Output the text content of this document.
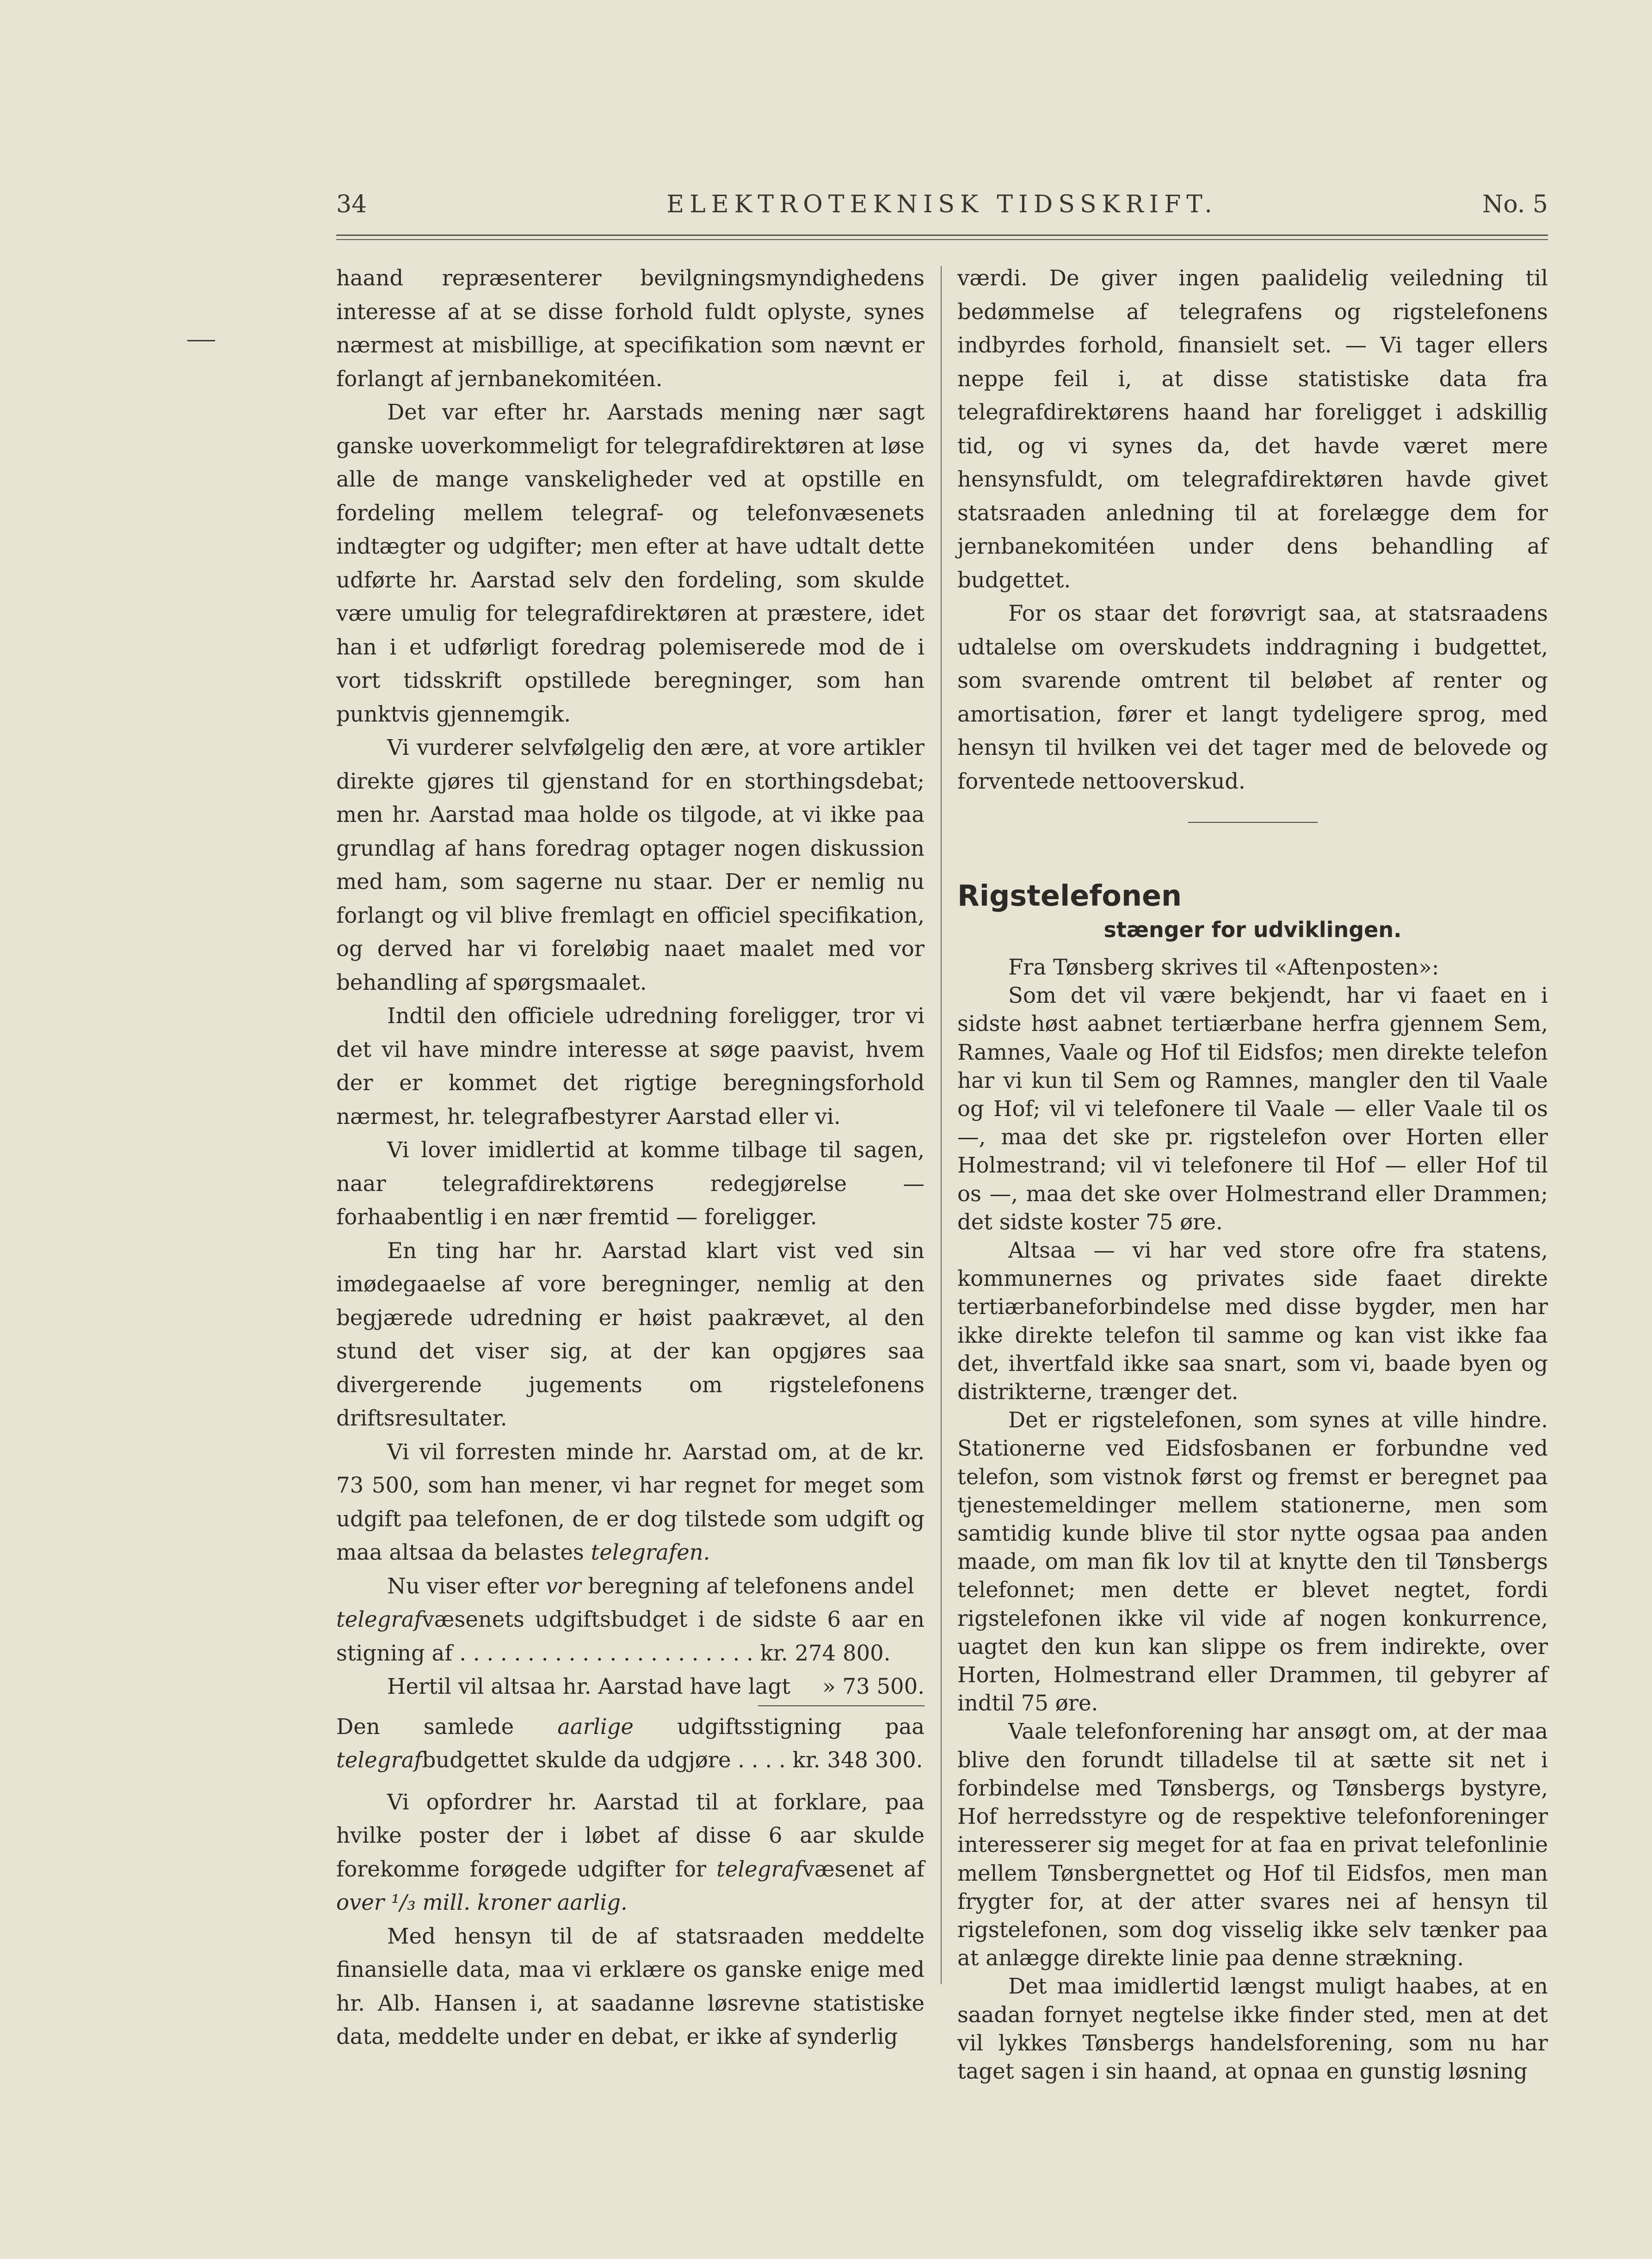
34	ELEKTROTEKNISK TIDSSKRIFT.	No. 5

haand repræsenterer bevilgningsmyndighedens interesse af at se disse forhold fuldt oplyste, synes nærmest at misbillige, at specifikation som nævnt er forlangt af jernbanekomitéen.

Det var efter hr. Aarstads mening nær sagt ganske uoverkommeligt for telegrafdirektøren at løse alle de mange vanskeligheder ved at opstille en fordeling mellem telegraf- og telefonvæsenets indtægter og udgifter; men efter at have udtalt dette udførte hr. Aarstad selv den fordeling, som skulde være umulig for telegrafdirektøren at præstere, idet han i et udførligt foredrag polemiserede mod de i vort tidsskrift opstillede beregninger, som han punktvis gjennemgik.

Vi vurderer selvfølgelig den ære, at vore artikler direkte gjøres til gjenstand for en storthingsdebat; men hr. Aarstad maa holde os tilgode, at vi ikke paa grundlag af hans foredrag optager nogen diskussion med ham, som sagerne nu staar. Der er nemlig nu forlangt og vil blive fremlagt en officiel specifikation, og derved har vi foreløbig naaet maalet med vor behandling af spørgsmaalet.

Indtil den officiele udredning foreligger, tror vi det vil have mindre interesse at søge paavist, hvem der er kommet det rigtige beregningsforhold nærmest, hr. telegrafbestyrer Aarstad eller vi.

Vi lover imidlertid at komme tilbage til sagen, naar telegrafdirektørens redegjørelse — forhaabentlig i en nær fremtid — foreligger.

En ting har hr. Aarstad klart vist ved sin imødegaaelse af vore beregninger, nemlig at den begjærede udredning er høist paakrævet, al den stund det viser sig, at der kan opgjøres saa divergerende jugements om rigstelefonens driftsresultater.

Vi vil forresten minde hr. Aarstad om, at de kr. 73 500, som han mener, vi har regnet for meget som udgift paa telefonen, de er dog tilstede som udgift og maa altsaa da belastes telegrafen.

Nu viser efter vor beregning af telefonens andel

telegrafvæsenets udgiftsbudget i de sidste 6 aar en stigning af . . . . . . . . . . . . . . . . . . . . . . kr. 274 800.

Hertil vil altsaa hr. Aarstad have lagt » 73 500.

Den samlede aarlige udgiftsstigning paa telegrafbudgettet skulde da udgjøre . . . . kr. 348 300.

Vi opfordrer hr. Aarstad til at forklare, paa hvilke poster der i løbet af disse 6 aar skulde forekomme forøgede udgifter for telegrafvæsenet af over ¹/₃ mill. kroner aarlig.

Med hensyn til de af statsraaden meddelte finansielle data, maa vi erklære os ganske enige med hr. Alb. Hansen i, at saadanne løsrevne statistiske data, meddelte under en debat, er ikke af synderlig

værdi. De giver ingen paalidelig veiledning til bedømmelse af telegrafens og rigstelefonens indbyrdes forhold, finansielt set. — Vi tager ellers neppe feil i, at disse statistiske data fra telegrafdirektørens haand har foreligget i adskillig tid, og vi synes da, det havde været mere hensynsfuldt, om telegrafdirektøren havde givet statsraaden anledning til at forelægge dem for jernbanekomitéen under dens behandling af budgettet.

For os staar det forøvrigt saa, at statsraadens udtalelse om overskudets inddragning i budgettet, som svarende omtrent til beløbet af renter og amortisation, fører et langt tydeligere sprog, med hensyn til hvilken vei det tager med de belovede og forventede nettooverskud.

Rigstelefonen
stænger for udviklingen.

Fra Tønsberg skrives til «Aftenposten»:

Som det vil være bekjendt, har vi faaet en i sidste høst aabnet tertiærbane herfra gjennem Sem, Ramnes, Vaale og Hof til Eidsfos; men direkte telefon har vi kun til Sem og Ramnes, mangler den til Vaale og Hof; vil vi telefonere til Vaale — eller Vaale til os —, maa det ske pr. rigstelefon over Horten eller Holmestrand; vil vi telefonere til Hof — eller Hof til os —, maa det ske over Holmestrand eller Drammen; det sidste koster 75 øre.

Altsaa — vi har ved store ofre fra statens, kommunernes og privates side faaet direkte tertiærbaneforbindelse med disse bygder, men har ikke direkte telefon til samme og kan vist ikke faa det, ihvertfald ikke saa snart, som vi, baade byen og distrikterne, trænger det.

Det er rigstelefonen, som synes at ville hindre. Stationerne ved Eidsfosbanen er forbundne ved telefon, som vistnok først og fremst er beregnet paa tjenestemeldinger mellem stationerne, men som samtidig kunde blive til stor nytte ogsaa paa anden maade, om man fik lov til at knytte den til Tønsbergs telefonnet; men dette er blevet negtet, fordi rigstelefonen ikke vil vide af nogen konkurrence, uagtet den kun kan slippe os frem indirekte, over Horten, Holmestrand eller Drammen, til gebyrer af indtil 75 øre.

Vaale telefonforening har ansøgt om, at der maa blive den forundt tilladelse til at sætte sit net i forbindelse med Tønsbergs, og Tønsbergs bystyre, Hof herredsstyre og de respektive telefonforeninger interesserer sig meget for at faa en privat telefonlinie mellem Tønsbergnettet og Hof til Eidsfos, men man frygter for, at der atter svares nei af hensyn til rigstelefonen, som dog visselig ikke selv tænker paa at anlægge direkte linie paa denne strækning.

Det maa imidlertid længst muligt haabes, at en saadan fornyet negtelse ikke finder sted, men at det vil lykkes Tønsbergs handelsforening, som nu har taget sagen i sin haand, at opnaa en gunstig løsning
